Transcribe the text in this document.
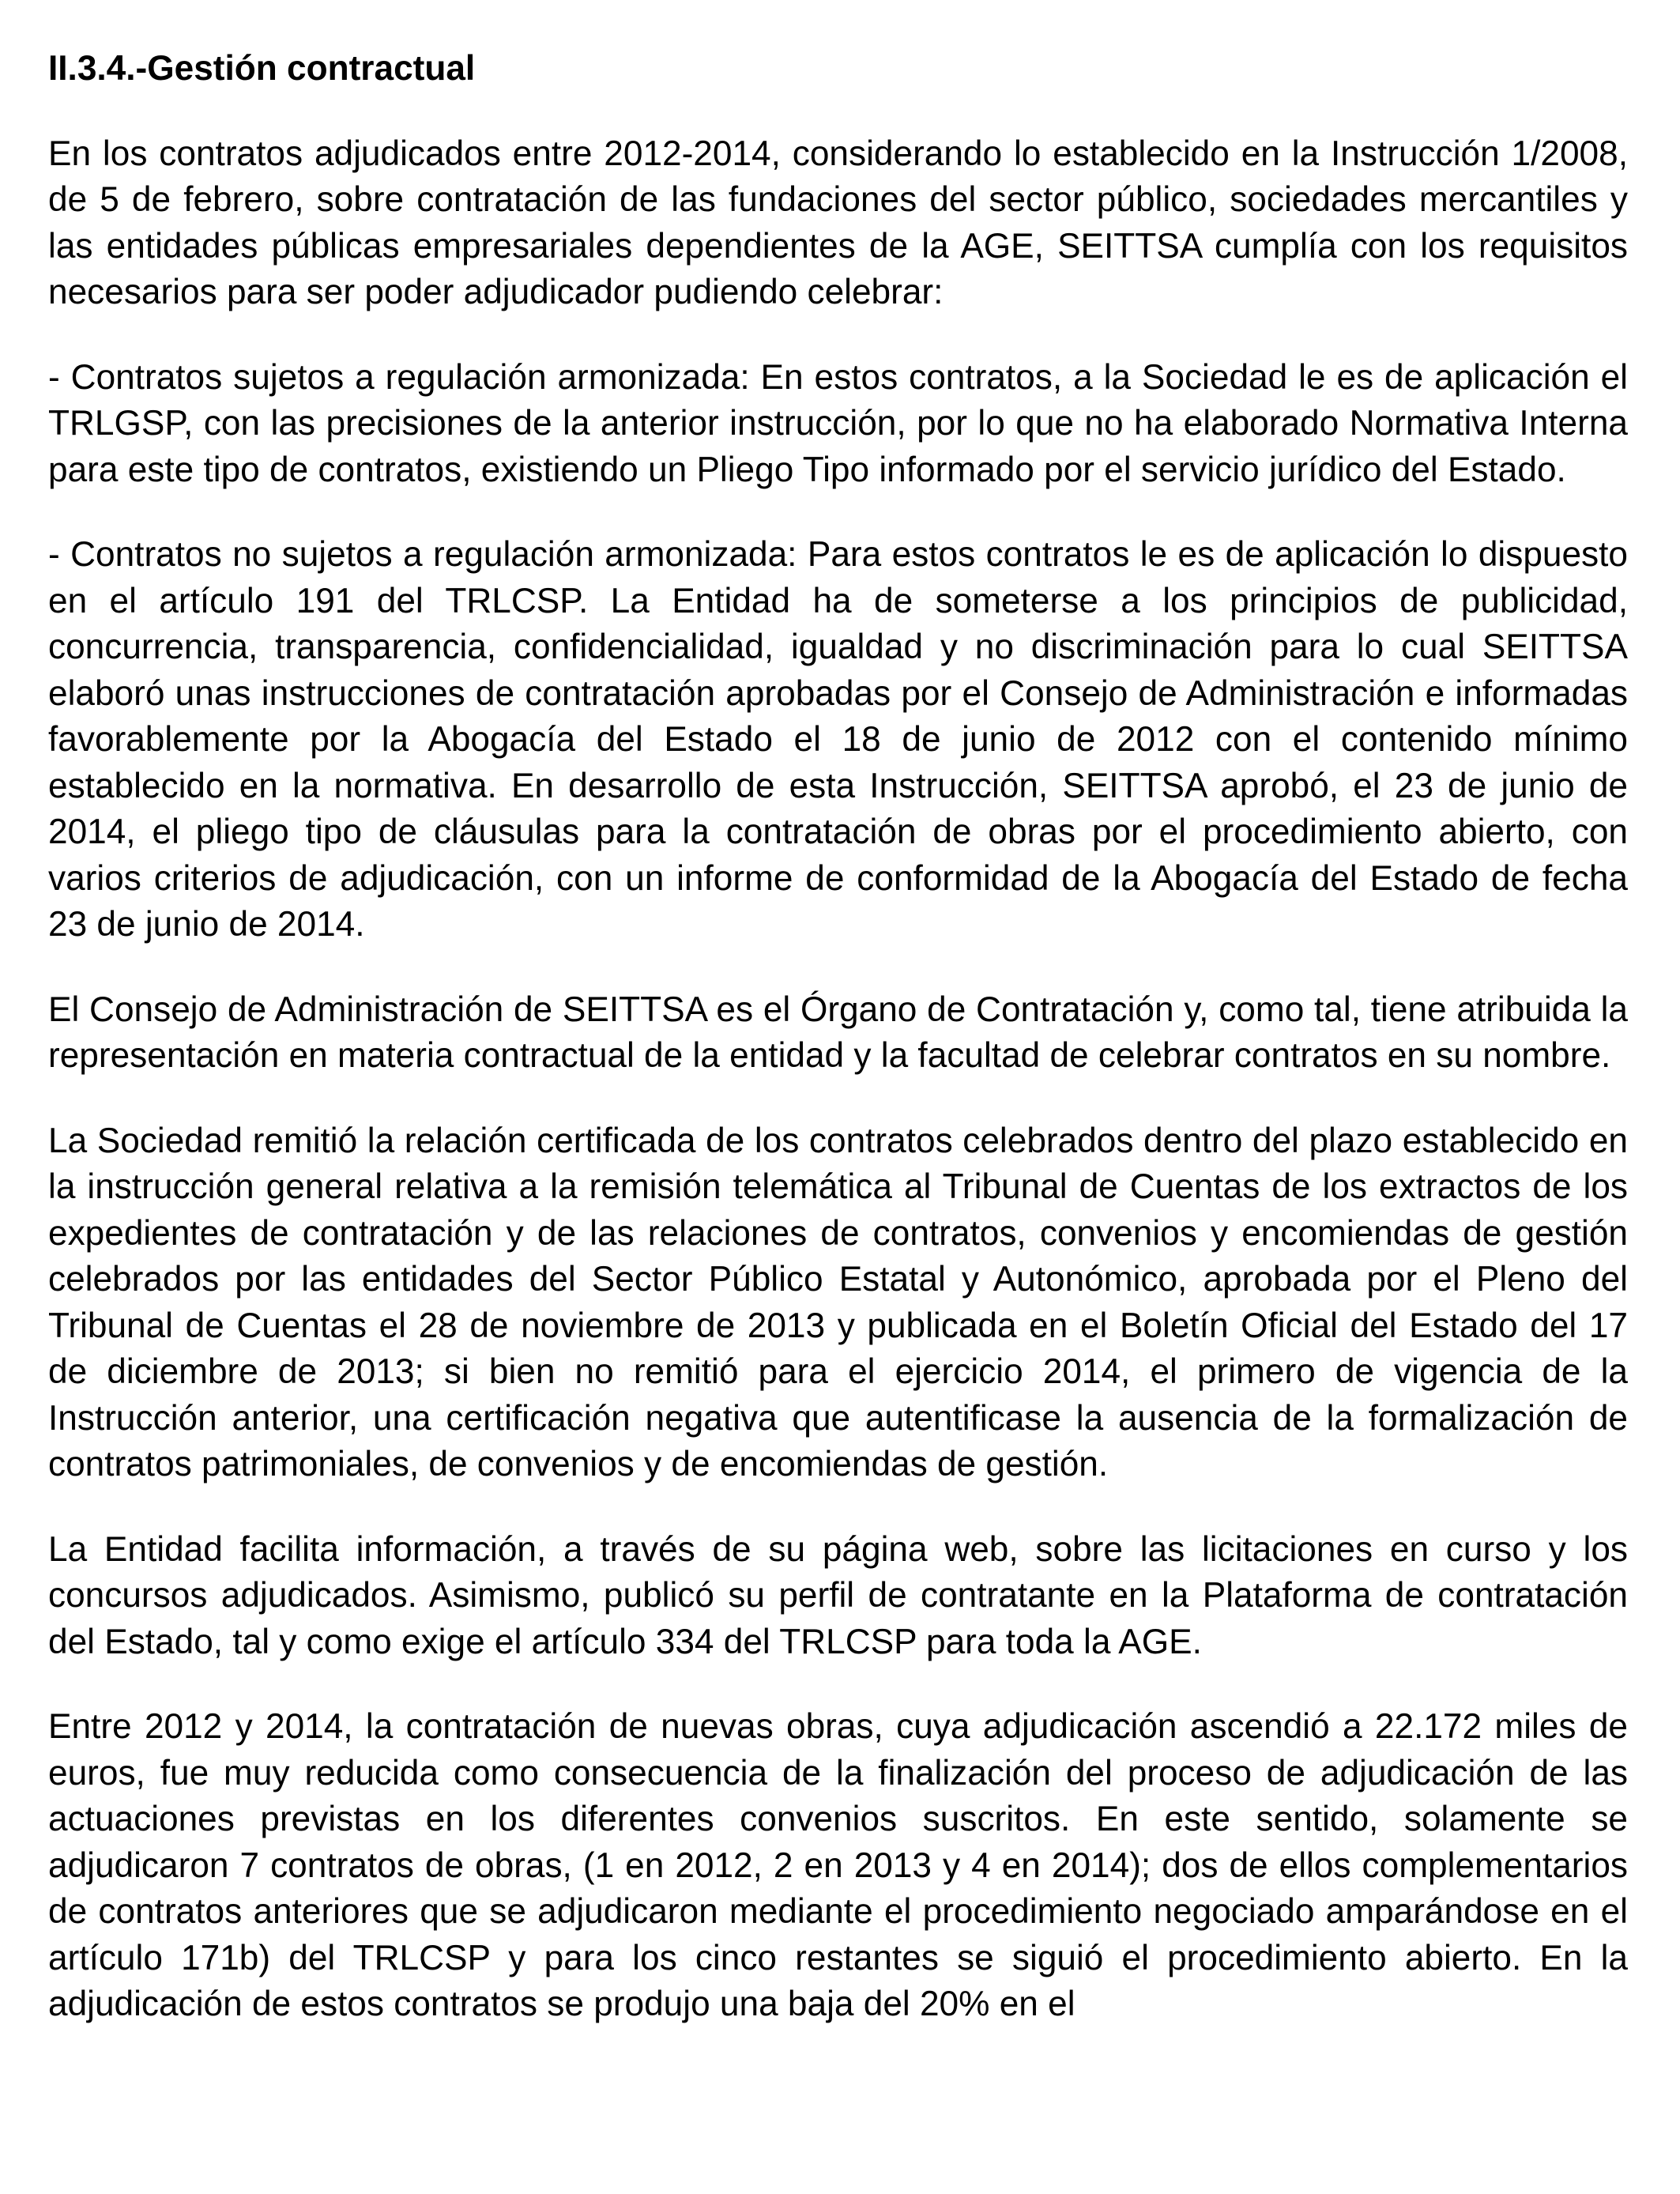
II.3.4.-Gestión contractual

En los contratos adjudicados entre 2012-2014, considerando lo establecido en la Instrucción 1/2008, de 5 de febrero, sobre contratación de las fundaciones del sector público, sociedades mercantiles y las entidades públicas empresariales dependientes de la AGE, SEITTSA cumplía con los requisitos necesarios para ser poder adjudicador pudiendo celebrar:

- Contratos sujetos a regulación armonizada: En estos contratos, a la Sociedad le es de aplicación el TRLGSP, con las precisiones de la anterior instrucción, por lo que no ha elaborado Normativa Interna para este tipo de contratos, existiendo un Pliego Tipo informado por el servicio jurídico del Estado.

- Contratos no sujetos a regulación armonizada: Para estos contratos le es de aplicación lo dispuesto en el artículo 191 del TRLCSP. La Entidad ha de someterse a los principios de publicidad, concurrencia, transparencia, confidencialidad, igualdad y no discriminación para lo cual SEITTSA elaboró unas instrucciones de contratación aprobadas por el Consejo de Administración e informadas favorablemente por la Abogacía del Estado el 18 de junio de 2012 con el contenido mínimo establecido en la normativa. En desarrollo de esta Instrucción, SEITTSA aprobó, el 23 de junio de 2014, el pliego tipo de cláusulas para la contratación de obras por el procedimiento abierto, con varios criterios de adjudicación, con un informe de conformidad de la Abogacía del Estado de fecha 23 de junio de 2014.

El Consejo de Administración de SEITTSA es el Órgano de Contratación y, como tal, tiene atribuida la representación en materia contractual de la entidad y la facultad de celebrar contratos en su nombre.

La Sociedad remitió la relación certificada de los contratos celebrados dentro del plazo establecido en la instrucción general relativa a la remisión telemática al Tribunal de Cuentas de los extractos de los expedientes de contratación y de las relaciones de contratos, convenios y encomiendas de gestión celebrados por las entidades del Sector Público Estatal y Autonómico, aprobada por el Pleno del Tribunal de Cuentas el 28 de noviembre de 2013 y publicada en el Boletín Oficial del Estado del 17 de diciembre de 2013; si bien no remitió para el ejercicio 2014, el primero de vigencia de la Instrucción anterior, una certificación negativa que autentificase la ausencia de la formalización de contratos patrimoniales, de convenios y de encomiendas de gestión.

La Entidad facilita información, a través de su página web, sobre las licitaciones en curso y los concursos adjudicados. Asimismo, publicó su perfil de contratante en la Plataforma de contratación del Estado, tal y como exige el artículo 334 del TRLCSP para toda la AGE.

Entre 2012 y 2014, la contratación de nuevas obras, cuya adjudicación ascendió a 22.172 miles de euros, fue muy reducida como consecuencia de la finalización del proceso de adjudicación de las actuaciones previstas en los diferentes convenios suscritos. En este sentido, solamente se adjudicaron 7 contratos de obras, (1 en 2012, 2 en 2013 y 4 en 2014); dos de ellos complementarios de contratos anteriores que se adjudicaron mediante el procedimiento negociado amparándose en el artículo 171b) del TRLCSP y para los cinco restantes se siguió el procedimiento abierto. En la adjudicación de estos contratos se produjo una baja del 20% en el
